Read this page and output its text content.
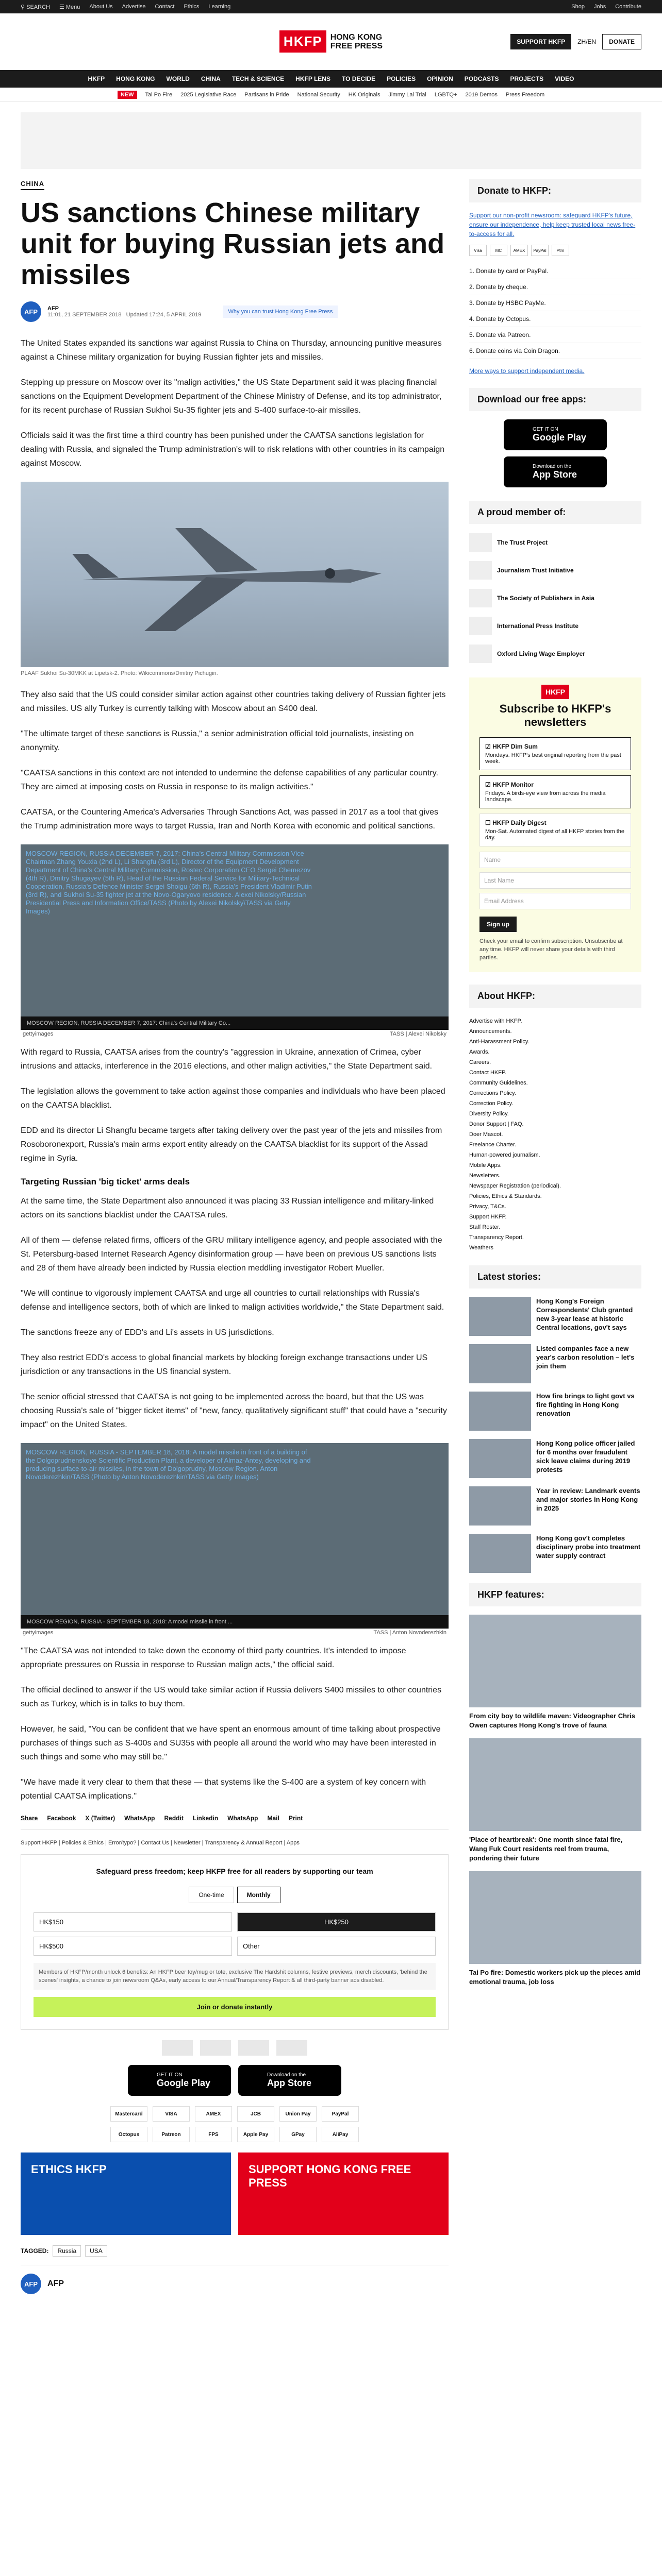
⚲ SEARCH ☰ Menu About Us Advertise Contact Ethics Learning	Shop Jobs Contribute
HKFP	HONG KONG
FREE PRESS	SUPPORT HKFP	ZH/EN	DONATE
HKFP HONG KONG WORLD CHINA TECH & SCIENCE HKFP LENS TO DECIDE POLICIES OPINION PODCASTS PROJECTS VIDEO
NEW	Tai Po Fire 2025 Legislative Race Partisans in Pride National Security HK Originals Jimmy Lai Trial LGBTQ+ 2019 Demos Press Freedom
CHINA
US sanctions Chinese military unit for buying Russian jets and missiles
AFP	AFP
11:01, 21 SEPTEMBER 2018 Updated 17:24, 5 APRIL 2019	Why you can trust Hong Kong Free Press

The United States expanded its sanctions war against Russia to China on Thursday, announcing punitive measures against a Chinese military organization for buying Russian fighter jets and missiles.

Stepping up pressure on Moscow over its "malign activities," the US State Department said it was placing financial sanctions on the Equipment Development Department of the Chinese Ministry of Defense, and its top administrator, for its recent purchase of Russian Sukhoi Su-35 fighter jets and S-400 surface-to-air missiles.

Officials said it was the first time a third country has been punished under the CAATSA sanctions legislation for dealing with Russia, and signaled the Trump administration's will to risk relations with other countries in its campaign against Moscow.

PLAAF Sukhoi Su-30MKK at Lipetsk-2. Photo: Wikicommons/Dmitriy Pichugin.

They also said that the US could consider similar action against other countries taking delivery of Russian fighter jets and missiles. US ally Turkey is currently talking with Moscow about an S400 deal.

"The ultimate target of these sanctions is Russia," a senior administration official told journalists, insisting on anonymity.

"CAATSA sanctions in this context are not intended to undermine the defense capabilities of any particular country. They are aimed at imposing costs on Russia in response to its malign activities."

CAATSA, or the Countering America's Adversaries Through Sanctions Act, was passed in 2017 as a tool that gives the Trump administration more ways to target Russia, Iran and North Korea with economic and political sanctions.

MOSCOW REGION, RUSSIA DECEMBER 7, 2017: China's Central Military Commission Vice Chairman Zhang Youxia (2nd L), Li Shangfu (3rd L), Director of the Equipment Development Department of China's Central Military Commission, Rostec Corporation CEO Sergei Chemezov (4th R), Dmitry Shugayev (5th R), Head of the Russian Federal Service for Military-Technical Cooperation, Russia's Defence Minister Sergei Shoigu (6th R), Russia's President Vladimir Putin (3rd R), and Sukhoi Su-35 fighter jet at the Novo-Ogaryovo residence. Alexei Nikolsky/Russian Presidential Press and Information Office/TASS (Photo by Alexei Nikolsky\TASS via Getty Images)
MOSCOW REGION, RUSSIA DECEMBER 7, 2017: China's Central Military Co...
gettyimages	TASS | Alexei Nikolsky

With regard to Russia, CAATSA arises from the country's "aggression in Ukraine, annexation of Crimea, cyber intrusions and attacks, interference in the 2016 elections, and other malign activities," the State Department said.

The legislation allows the government to take action against those companies and individuals who have been placed on the CAATSA blacklist.

EDD and its director Li Shangfu became targets after taking delivery over the past year of the jets and missiles from Rosoboronexport, Russia's main arms export entity already on the CAATSA blacklist for its support of the Assad regime in Syria.

Targeting Russian 'big ticket' arms deals

At the same time, the State Department also announced it was placing 33 Russian intelligence and military-linked actors on its sanctions blacklist under the CAATSA rules.

All of them — defense related firms, officers of the GRU military intelligence agency, and people associated with the St. Petersburg-based Internet Research Agency disinformation group — have been on previous US sanctions lists and 28 of them have already been indicted by Russia election meddling investigator Robert Mueller.

"We will continue to vigorously implement CAATSA and urge all countries to curtail relationships with Russia's defense and intelligence sectors, both of which are linked to malign activities worldwide," the State Department said.

The sanctions freeze any of EDD's and Li's assets in US jurisdictions.

They also restrict EDD's access to global financial markets by blocking foreign exchange transactions under US jurisdiction or any transactions in the US financial system.

The senior official stressed that CAATSA is not going to be implemented across the board, but that the US was choosing Russia's sale of "bigger ticket items" of "new, fancy, qualitatively significant stuff" that could have a "security impact" on the United States.

MOSCOW REGION, RUSSIA - SEPTEMBER 18, 2018: A model missile in front of a building of the Dolgoprudnenskoye Scientific Production Plant, a developer of Almaz-Antey, developing and producing surface-to-air missiles, in the town of Dolgoprudny, Moscow Region. Anton Novoderezhkin/TASS (Photo by Anton Novoderezhkin\TASS via Getty Images)
MOSCOW REGION, RUSSIA - SEPTEMBER 18, 2018: A model missile in front ...
gettyimages	TASS | Anton Novoderezhkin

"The CAATSA was not intended to take down the economy of third party countries. It's intended to impose appropriate pressures on Russia in response to Russian malign acts," the official said.

The official declined to answer if the US would take similar action if Russia delivers S400 missiles to other countries such as Turkey, which is in talks to buy them.

However, he said, "You can be confident that we have spent an enormous amount of time talking about prospective purchases of things such as S-400s and SU35s with people all around the world who may have been interested in such things and some who may still be."

"We have made it very clear to them that these — that systems like the S-400 are a system of key concern with potential CAATSA implications."

Share Facebook X (Twitter) WhatsApp Reddit Linkedin WhatsApp Mail Print
Support HKFP | Policies & Ethics | Error/typo? | Contact Us | Newsletter | Transparency & Annual Report | Apps
Safeguard press freedom; keep HKFP free for all readers by supporting our team
One-time	Monthly
HK$150	HK$250
HK$500	Other
Members of HKFP/month unlock 6 benefits: An HKFP beer toy/mug or tote, exclusive The Hardshit columns, festive previews, merch discounts, 'behind the scenes' insights, a chance to join newsroom Q&As, early access to our Annual/Transparency Report & all third-party banner ads disabled.
Join or donate instantly
GET IT ON
Google Play
Download on the
App Store
Mastercard	VISA	AMEX	JCB	Union Pay	PayPal
Octopus	Patreon	FPS	Apple Pay	GPay	AliPay
ETHICS HKFP	SUPPORT HONG KONG FREE PRESS
TAGGED:	Russia	USA
AFP	AFP
Donate to HKFP:
Support our non-profit newsroom: safeguard HKFP's future, ensure our independence, help keep trusted local news free-to-access for all.
Visa	MC	AMEX	PayPal	Ptrn
1. Donate by card or PayPal.
2. Donate by cheque.
3. Donate by HSBC PayMe.
4. Donate by Octopus.
5. Donate via Patreon.
6. Donate coins via Coin Dragon.
More ways to support independent media.
Download our free apps:
GET IT ON
Google Play
Download on the
App Store
A proud member of:
The Trust Project
Journalism Trust Initiative
The Society of Publishers in Asia
International Press Institute
Oxford Living Wage Employer
HKFP
Subscribe to HKFP's newsletters
☑ HKFP Dim Sum
Mondays. HKFP's best original reporting from the past week.
☑ HKFP Monitor
Fridays. A birds-eye view from across the media landscape.
☐ HKFP Daily Digest
Mon-Sat. Automated digest of all HKFP stories from the day.
Name
Last Name
Email Address
Sign up
Check your email to confirm subscription. Unsubscribe at any time. HKFP will never share your details with third parties.
About HKFP:
Advertise with HKFP.
Announcements.
Anti-Harassment Policy.
Awards.
Careers.
Contact HKFP.
Community Guidelines.
Corrections Policy.
Correction Policy.
Diversity Policy.
Donor Support | FAQ.
Doer Mascot.
Freelance Charter.
Human-powered journalism.
Mobile Apps.
Newsletters.
Newspaper Registration (periodical).
Policies, Ethics & Standards.
Privacy, T&Cs.
Support HKFP.
Staff Roster.
Transparency Report.
Weathers
Latest stories:
Hong Kong's Foreign Correspondents' Club granted new 3-year lease at historic Central locations, gov't says
Listed companies face a new year's carbon resolution – let's join them
How fire brings to light govt vs fire fighting in Hong Kong renovation
Hong Kong police officer jailed for 6 months over fraudulent sick leave claims during 2019 protests
Year in review: Landmark events and major stories in Hong Kong in 2025
Hong Kong gov't completes disciplinary probe into treatment water supply contract
HKFP features:
From city boy to wildlife maven: Videographer Chris Owen captures Hong Kong's trove of fauna
'Place of heartbreak': One month since fatal fire, Wang Fuk Court residents reel from trauma, pondering their future
Tai Po fire: Domestic workers pick up the pieces amid emotional trauma, job loss
